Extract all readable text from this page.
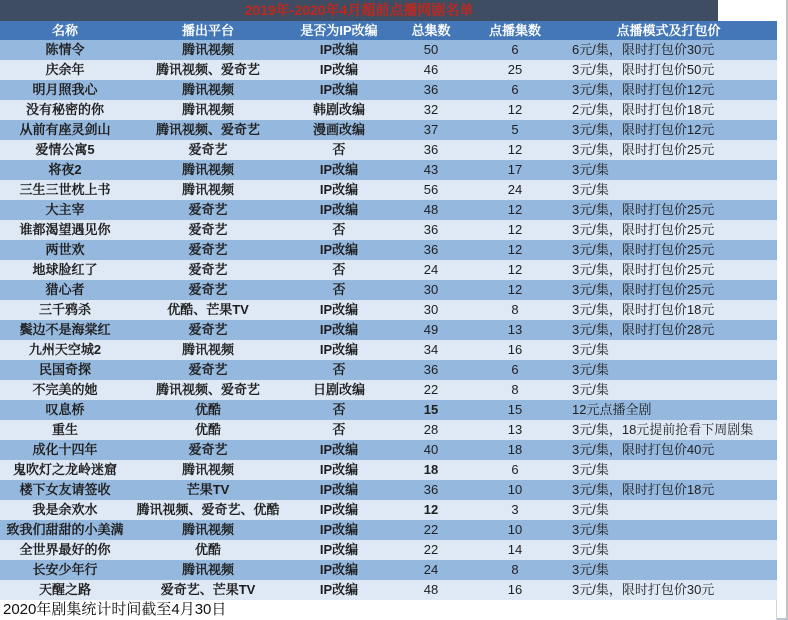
2019年-2020年4月超前点播网剧名单
名称	播出平台	是否为IP改编	总集数	点播集数	点播模式及打包价
陈情令	腾讯视频	IP改编	50	6	6元/集，限时打包价30元
庆余年	腾讯视频、爱奇艺	IP改编	46	25	3元/集，限时打包价50元
明月照我心	腾讯视频	IP改编	36	6	3元/集，限时打包价12元
没有秘密的你	腾讯视频	韩剧改编	32	12	2元/集，限时打包价18元
从前有座灵剑山	腾讯视频、爱奇艺	漫画改编	37	5	3元/集，限时打包价12元
爱情公寓5	爱奇艺	否	36	12	3元/集，限时打包价25元
将夜2	腾讯视频	IP改编	43	17	3元/集
三生三世枕上书	腾讯视频	IP改编	56	24	3元/集
大主宰	爱奇艺	IP改编	48	12	3元/集，限时打包价25元
谁都渴望遇见你	爱奇艺	否	36	12	3元/集，限时打包价25元
两世欢	爱奇艺	IP改编	36	12	3元/集，限时打包价25元
地球脸红了	爱奇艺	否	24	12	3元/集，限时打包价25元
猎心者	爱奇艺	否	30	12	3元/集，限时打包价25元
三千鸦杀	优酷、芒果TV	IP改编	30	8	3元/集，限时打包价18元
鬓边不是海棠红	爱奇艺	IP改编	49	13	3元/集，限时打包价28元
九州天空城2	腾讯视频	IP改编	34	16	3元/集
民国奇探	爱奇艺	否	36	6	3元/集
不完美的她	腾讯视频、爱奇艺	日剧改编	22	8	3元/集
叹息桥	优酷	否	15	15	12元点播全剧
重生	优酷	否	28	13	3元/集，18元提前抢看下周剧集
成化十四年	爱奇艺	IP改编	40	18	3元/集，限时打包价40元
鬼吹灯之龙岭迷窟	腾讯视频	IP改编	18	6	3元/集
楼下女友请签收	芒果TV	IP改编	36	10	3元/集，限时打包价18元
我是余欢水	腾讯视频、爱奇艺、优酷	IP改编	12	3	3元/集
致我们甜甜的小美满	腾讯视频	IP改编	22	10	3元/集
全世界最好的你	优酷	IP改编	22	14	3元/集
长安少年行	腾讯视频	IP改编	24	8	3元/集
天醒之路	爱奇艺、芒果TV	IP改编	48	16	3元/集，限时打包价30元
2020年剧集统计时间截至4月30日
